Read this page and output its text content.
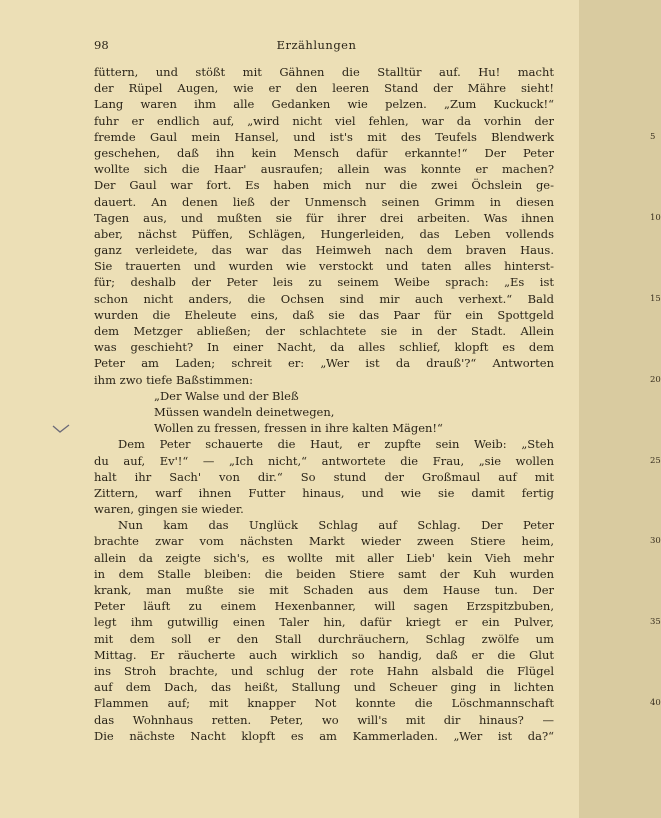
98	Erzählungen
füttern, und stößt mit Gähnen die Stalltür auf. Hu! macht
der Rüpel Augen, wie er den leeren Stand der Mähre sieht!
Lang waren ihm alle Gedanken wie pelzen. „Zum Kuckuck!“
fuhr er endlich auf, „wird nicht viel fehlen, war da vorhin der
fremde Gaul mein Hansel, und ist's mit des Teufels Blendwerk	5
geschehen, daß ihn kein Mensch dafür erkannte!“ Der Peter
wollte sich die Haar' ausraufen; allein was konnte er machen?
Der Gaul war fort. Es haben mich nur die zwei Öchslein ge-
dauert. An denen ließ der Unmensch seinen Grimm in diesen
Tagen aus, und mußten sie für ihrer drei arbeiten. Was ihnen	10
aber, nächst Püffen, Schlägen, Hungerleiden, das Leben vollends
ganz verleidete, das war das Heimweh nach dem braven Haus.
Sie trauerten und wurden wie verstockt und taten alles hinterst-
für; deshalb der Peter leis zu seinem Weibe sprach: „Es ist
schon nicht anders, die Ochsen sind mir auch verhext.“ Bald	15
wurden die Eheleute eins, daß sie das Paar für ein Spottgeld
dem Metzger abließen; der schlachtete sie in der Stadt. Allein
was geschieht? In einer Nacht, da alles schlief, klopft es dem
Peter am Laden; schreit er: „Wer ist da drauß'?“ Antworten
ihm zwo tiefe Baßstimmen:	20
„Der Walse und der Bleß
Müssen wandeln deinetwegen,
Wollen zu fressen, fressen in ihre kalten Mägen!“
Dem Peter schauerte die Haut, er zupfte sein Weib: „Steh
du auf, Ev'!“ — „Ich nicht,“ antwortete die Frau, „sie wollen	25
halt ihr Sach' von dir.“ So stund der Großmaul auf mit
Zittern, warf ihnen Futter hinaus, und wie sie damit fertig
waren, gingen sie wieder.
Nun kam das Unglück Schlag auf Schlag. Der Peter
brachte zwar vom nächsten Markt wieder zween Stiere heim,	30
allein da zeigte sich's, es wollte mit aller Lieb' kein Vieh mehr
in dem Stalle bleiben: die beiden Stiere samt der Kuh wurden
krank, man mußte sie mit Schaden aus dem Hause tun. Der
Peter läuft zu einem Hexenbanner, will sagen Erzspitzbuben,
legt ihm gutwillig einen Taler hin, dafür kriegt er ein Pulver,	35
mit dem soll er den Stall durchräuchern, Schlag zwölfe um
Mittag. Er räucherte auch wirklich so handig, daß er die Glut
ins Stroh brachte, und schlug der rote Hahn alsbald die Flügel
auf dem Dach, das heißt, Stallung und Scheuer ging in lichten
Flammen auf; mit knapper Not konnte die Löschmannschaft	40
das Wohnhaus retten. Peter, wo will's mit dir hinaus? —
Die nächste Nacht klopft es am Kammerladen. „Wer ist da?“
